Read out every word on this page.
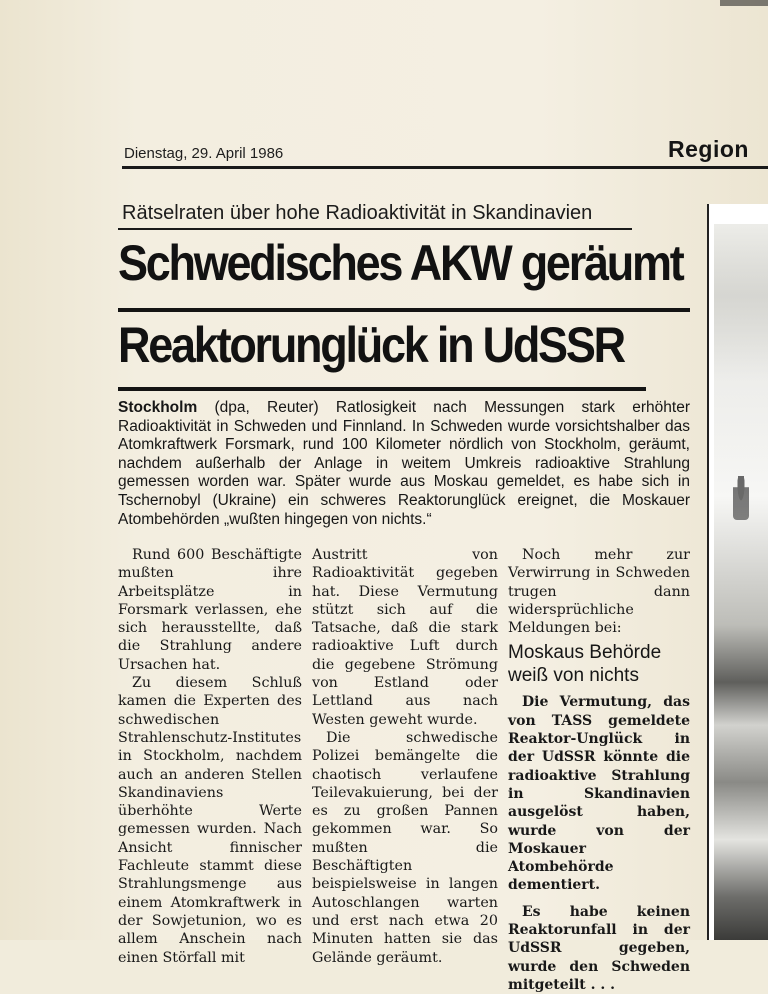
Dienstag, 29. April 1986	Region
Rätselraten über hohe Radioaktivität in Skandinavien
Schwedisches AKW geräumt
Reaktorunglück in UdSSR
Stockholm (dpa, Reuter) Ratlosigkeit nach Messungen stark erhöhter Radioaktivität in Schweden und Finnland. In Schweden wurde vorsichtshalber das Atomkraftwerk Forsmark, rund 100 Kilometer nördlich von Stockholm, geräumt, nachdem außerhalb der Anlage in weitem Umkreis radioaktive Strahlung gemessen worden war. Später wurde aus Moskau gemeldet, es habe sich in Tschernobyl (Ukraine) ein schweres Reaktorunglück ereignet, die Moskauer Atombehörden „wußten hingegen von nichts.“

Rund 600 Beschäftigte mußten ihre Arbeitsplätze in Forsmark verlassen, ehe sich herausstellte, daß die Strahlung andere Ursachen hat.

Zu diesem Schluß kamen die Experten des schwedischen Strahlenschutz-Institutes in Stockholm, nachdem auch an anderen Stellen Skandinaviens überhöhte Werte gemessen wurden. Nach Ansicht finnischer Fachleute stammt diese Strahlungsmenge aus einem Atomkraftwerk in der Sowjetunion, wo es allem Anschein nach einen Störfall mit

Austritt von Radioaktivität gegeben hat. Diese Vermutung stützt sich auf die Tatsache, daß die stark radioaktive Luft durch die gegebene Strömung von Estland oder Lettland aus nach Westen geweht wurde.

Die schwedische Polizei bemängelte die chaotisch verlaufene Teilevakuierung, bei der es zu großen Pannen gekommen war. So mußten die Beschäftigten beispielsweise in langen Autoschlangen warten und erst nach etwa 20 Minuten hatten sie das Gelände geräumt.

Noch mehr zur Verwirrung in Schweden trugen dann widersprüchliche Meldungen bei:

Moskaus Behörde weiß von nichts

Die Vermutung, das von TASS gemeldete Reaktor-Unglück in der UdSSR könnte die radioaktive Strahlung in Skandinavien ausgelöst haben, wurde von der Moskauer Atombehörde dementiert.

Es habe keinen Reaktorunfall in der UdSSR gegeben, wurde den Schweden mitgeteilt . . .
